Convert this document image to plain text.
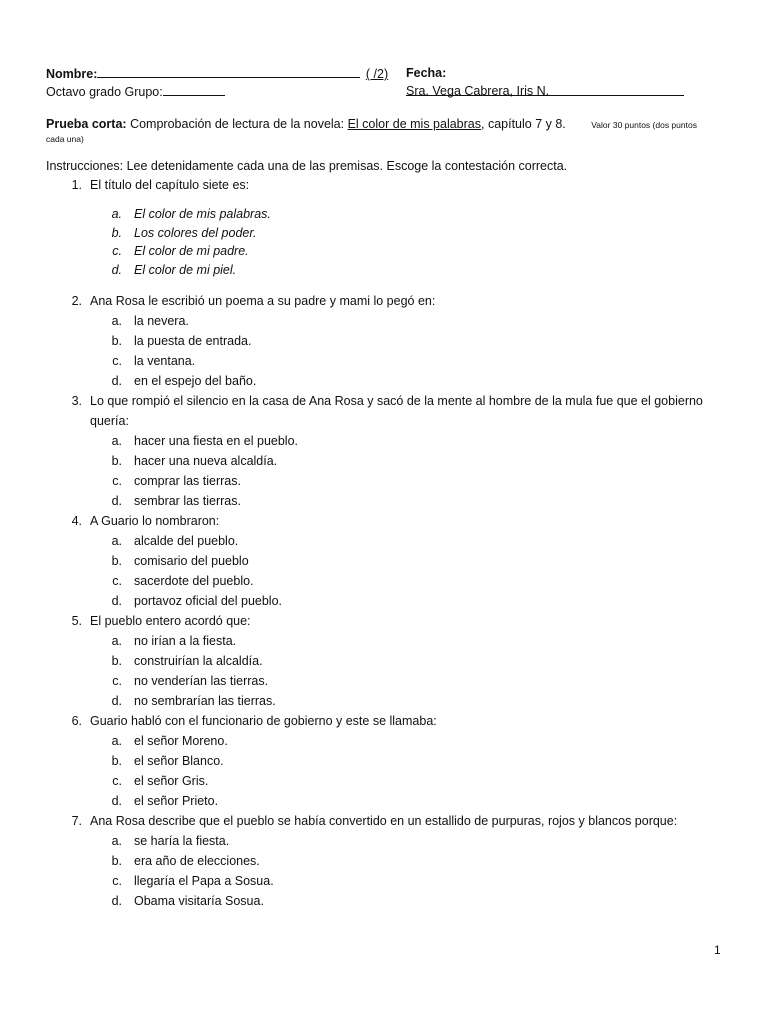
Nombre:	( /2) Fecha:
Octavo grado Grupo:	Sra. Vega Cabrera, Iris N.
Prueba corta: Comprobación de lectura de la novela: El color de mis palabras, capítulo 7 y 8.	Valor 30 puntos (dos puntos
cada una)
Instrucciones: Lee detenidamente cada una de las premisas. Escoge la contestación correcta.
1. El título del capítulo siete es:
a. El color de mis palabras.
b. Los colores del poder.
c. El color de mi padre.
d. El color de mi piel.
2. Ana Rosa le escribió un poema a su padre y mami lo pegó en:
a. la nevera.
b. la puesta de entrada.
c. la ventana.
d. en el espejo del baño.
3. Lo que rompió el silencio en la casa de Ana Rosa y sacó de la mente al hombre de la mula fue que el gobierno quería:
a. hacer una fiesta en el pueblo.
b. hacer una nueva alcaldía.
c. comprar las tierras.
d. sembrar las tierras.
4. A Guario lo nombraron:
a. alcalde del pueblo.
b. comisario del pueblo
c. sacerdote del pueblo.
d. portavoz oficial del pueblo.
5. El pueblo entero acordó que:
a. no irían a la fiesta.
b. construirían la alcaldía.
c. no venderían las tierras.
d. no sembrarían las tierras.
6. Guario habló con el funcionario de gobierno y este se llamaba:
a. el señor Moreno.
b. el señor Blanco.
c. el señor Gris.
d. el señor Prieto.
7. Ana Rosa describe que el pueblo se había convertido en un estallido de purpuras, rojos y blancos porque:
a. se haría la fiesta.
b. era año de elecciones.
c. llegaría el Papa a Sosua.
d. Obama visitaría Sosua.
1
